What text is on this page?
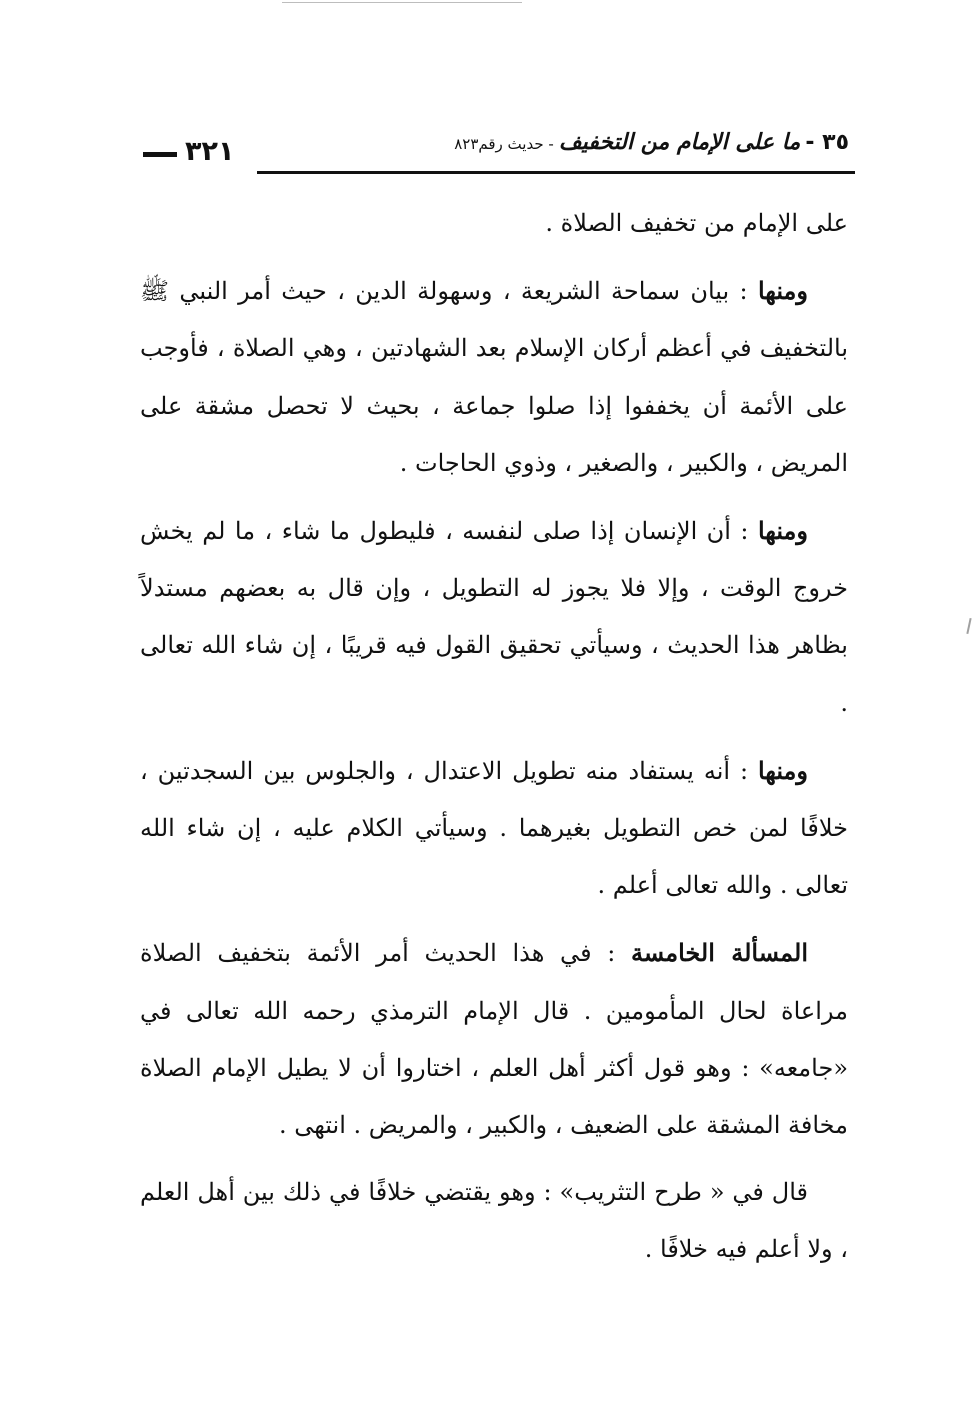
٣٢١	٣٥ - ما على الإمام من التخفيف - حديث رقم٨٢٣

على الإمام من تخفيف الصلاة .

ومنها : بيان سماحة الشريعة ، وسهولة الدين ، حيث أمر النبي ﷺ بالتخفيف في أعظم أركان الإسلام بعد الشهادتين ، وهي الصلاة ، فأوجب على الأئمة أن يخففوا إذا صلوا جماعة ، بحيث لا تحصل مشقة على المريض ، والكبير ، والصغير ، وذوي الحاجات .

ومنها : أن الإنسان إذا صلى لنفسه ، فليطول ما شاء ، ما لم يخش خروج الوقت ، وإلا فلا يجوز له التطويل ، وإن قال به بعضهم مستدلاً بظاهر هذا الحديث ، وسيأتي تحقيق القول فيه قريبًا ، إن شاء الله تعالى .

ومنها : أنه يستفاد منه تطويل الاعتدال ، والجلوس بين السجدتين ، خلافًا لمن خص التطويل بغيرهما . وسيأتي الكلام عليه ، إن شاء الله تعالى . والله تعالى أعلم .

المسألة الخامسة : في هذا الحديث أمر الأئمة بتخفيف الصلاة مراعاة لحال المأمومين . قال الإمام الترمذي رحمه الله تعالى في «جامعه» : وهو قول أكثر أهل العلم ، اختاروا أن لا يطيل الإمام الصلاة مخافة المشقة على الضعيف ، والكبير ، والمريض . انتهى .

قال في « طرح التثريب» : وهو يقتضي خلافًا في ذلك بين أهل العلم ، ولا أعلم فيه خلافًا .
